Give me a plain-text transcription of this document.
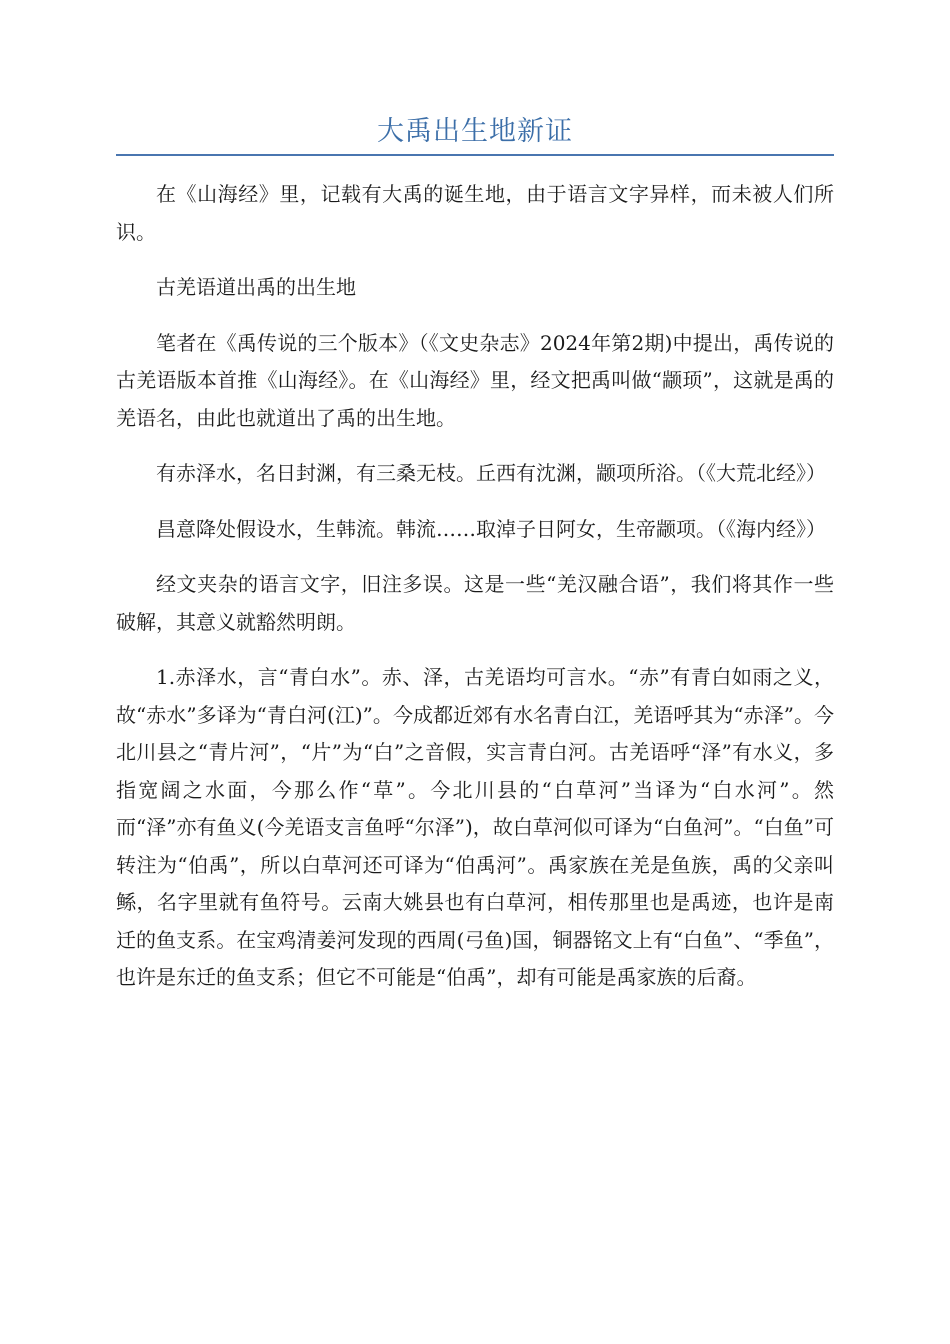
大禹出生地新证

在《山海经》里，记载有大禹的诞生地，由于语言文字异样，而未被人们所识。

古羌语道出禹的出生地

笔者在《禹传说的三个版本》（《文史杂志》2024年第2期)中提出，禹传说的古羌语版本首推《山海经》。在《山海经》里，经文把禹叫做“颛顼”，这就是禹的羌语名，由此也就道出了禹的出生地。

有赤泽水，名日封渊，有三桑无枝。丘西有沈渊，颛项所浴。（《大荒北经》）

昌意降处假设水，生韩流。韩流……取淖子日阿女，生帝颛项。（《海内经》）

经文夹杂的语言文字，旧注多误。这是一些“羌汉融合语”，我们将其作一些破解，其意义就豁然明朗。

1.赤泽水，言“青白水”。赤、泽，古羌语均可言水。“赤”有青白如雨之义，故“赤水”多译为“青白河(江)”。今成都近郊有水名青白江，羌语呼其为“赤泽”。今北川县之“青片河”，“片”为“白”之音假，实言青白河。古羌语呼“泽”有水义，多指宽阔之水面，今那么作“草”。今北川县的“白草河”当译为“白水河”。然而“泽”亦有鱼义(今羌语支言鱼呼“尔泽”)，故白草河似可译为“白鱼河”。“白鱼”可转注为“伯禹”，所以白草河还可译为“伯禹河”。禹家族在羌是鱼族，禹的父亲叫鲧，名字里就有鱼符号。云南大姚县也有白草河，相传那里也是禹迹，也许是南迁的鱼支系。在宝鸡清姜河发现的西周(弓鱼)国，铜器铭文上有“白鱼”、“季鱼”，也许是东迁的鱼支系；但它不可能是“伯禹”，却有可能是禹家族的后裔。
